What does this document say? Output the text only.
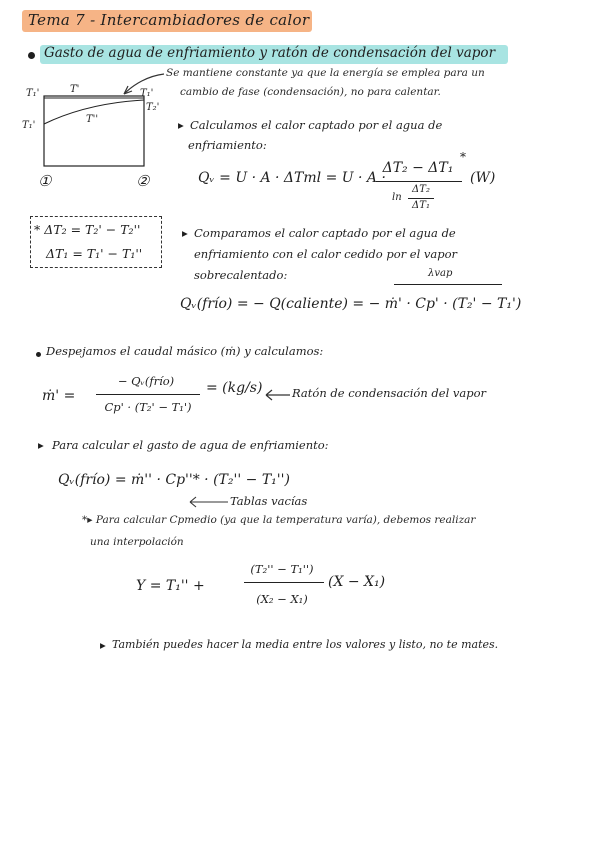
Tema 7 - Intercambiadores de calor
Gasto de agua de enfriamiento y ratón de condensación del vapor
Se mantiene constante ya que la energía se emplea para un
cambio de fase (condensación), no para calentar.
T₁'
T₁'
T₁'
T₂'
T'
T''
①	②
* ΔT₂ = T₂' − T₂''
ΔT₁ = T₁' − T₁''
▸ Calculamos el calor captado por el agua de
enfriamiento:
Qᵥ = U · A · ΔTml = U · A ·
ΔT₂ − ΔT₁
*
ln
ΔT₂
ΔT₁
(W)
▸ Comparamos el calor captado por el agua de
enfriamiento con el calor cedido por el vapor
sobrecalentado:	λvap
Qᵥ(frío) = − Q(caliente) = − ṁ' · Cp' · (T₂' − T₁')
Despejamos el caudal másico (ṁ) y calculamos:
ṁ' =
− Qᵥ(frío)
Cp' · (T₂' − T₁')
= (kg/s)	Ratón de condensación del vapor
▸ Para calcular el gasto de agua de enfriamiento:
Qᵥ(frío) = ṁ'' · Cp''* · (T₂'' − T₁'')
Tablas vacías
*▸ Para calcular Cpmedio (ya que la temperatura varía), debemos realizar
una interpolación
Y = T₁'' +
(T₂'' − T₁'')
(X₂ − X₁)
(X − X₁)
▸ También puedes hacer la media entre los valores y listo, no te mates.
